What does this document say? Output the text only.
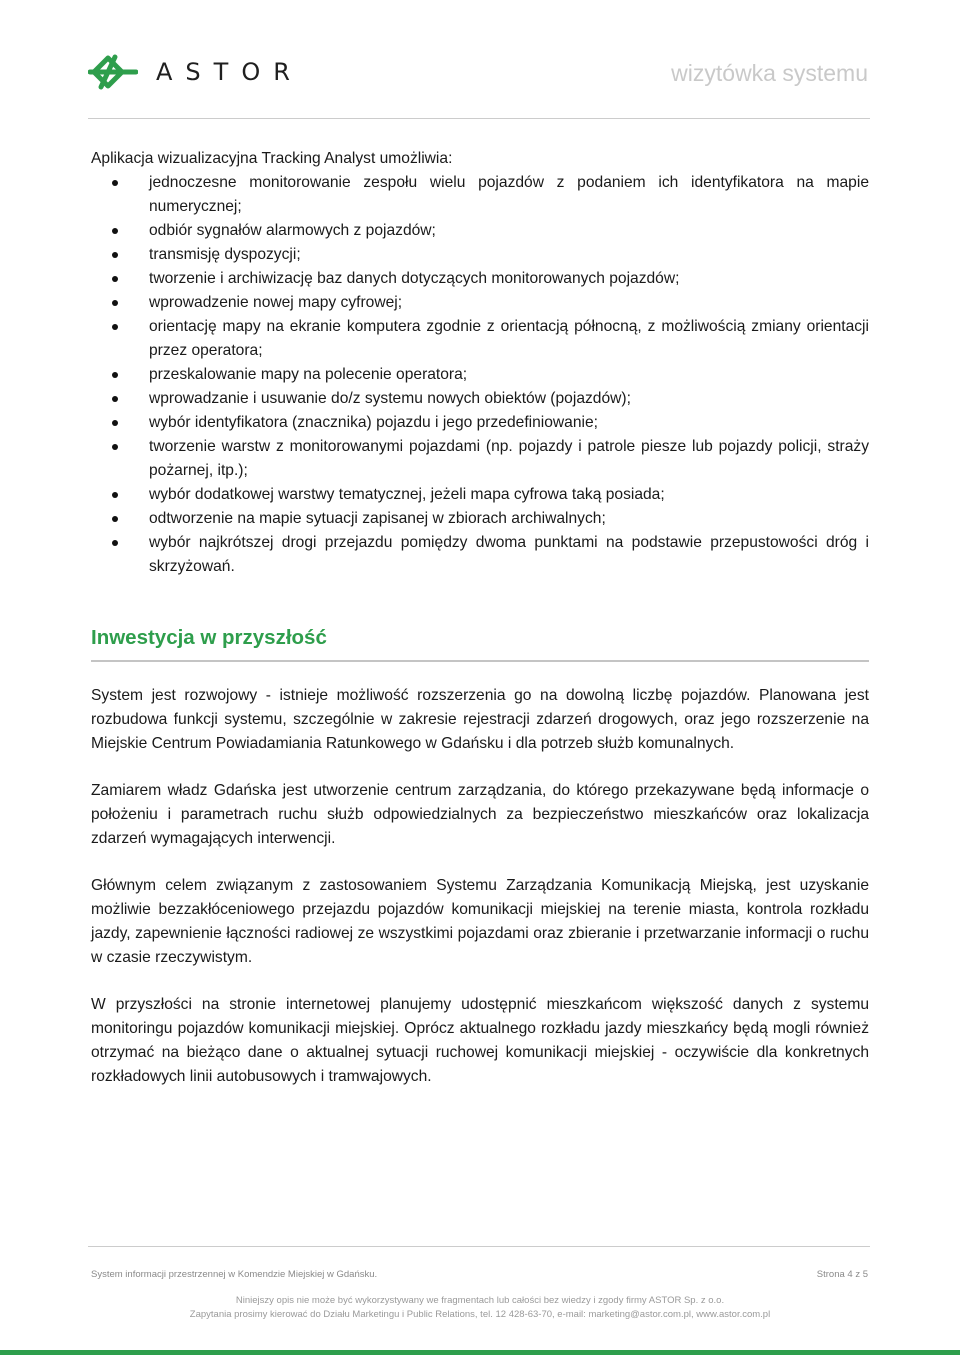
ASTOR	wizytówka systemu

Aplikacja wizualizacyjna Tracking Analyst umożliwia:

jednoczesne monitorowanie zespołu wielu pojazdów z podaniem ich identyfikatora na mapie numerycznej;
odbiór sygnałów alarmowych z pojazdów;
transmisję dyspozycji;
tworzenie i archiwizację baz danych dotyczących monitorowanych pojazdów;
wprowadzenie nowej mapy cyfrowej;
orientację mapy na ekranie komputera zgodnie z orientacją północną, z możliwością zmiany orientacji przez operatora;
przeskalowanie mapy na polecenie operatora;
wprowadzanie i usuwanie do/z systemu nowych obiektów (pojazdów);
wybór identyfikatora (znacznika) pojazdu i jego przedefiniowanie;
tworzenie warstw z monitorowanymi pojazdami (np. pojazdy i patrole piesze lub pojazdy policji, straży pożarnej, itp.);
wybór dodatkowej warstwy tematycznej, jeżeli mapa cyfrowa taką posiada;
odtworzenie na mapie sytuacji zapisanej w zbiorach archiwalnych;
wybór najkrótszej drogi przejazdu pomiędzy dwoma punktami na podstawie przepustowości dróg i skrzyżowań.
Inwestycja w przyszłość

System jest rozwojowy - istnieje możliwość rozszerzenia go na dowolną liczbę pojazdów. Planowana jest rozbudowa funkcji systemu, szczególnie w zakresie rejestracji zdarzeń drogowych, oraz jego rozszerzenie na Miejskie Centrum Powiadamiania Ratunkowego w Gdańsku i dla potrzeb służb komunalnych.

Zamiarem władz Gdańska jest utworzenie centrum zarządzania, do którego przekazywane będą informacje o położeniu i parametrach ruchu służb odpowiedzialnych za bezpieczeństwo mieszkańców oraz lokalizacja zdarzeń wymagających interwencji.

Głównym celem związanym z zastosowaniem Systemu Zarządzania Komunikacją Miejską, jest uzyskanie możliwie bezzakłóceniowego przejazdu pojazdów komunikacji miejskiej na terenie miasta, kontrola rozkładu jazdy, zapewnienie łączności radiowej ze wszystkimi pojazdami oraz zbieranie i przetwarzanie informacji o ruchu w czasie rzeczywistym.

W przyszłości na stronie internetowej planujemy udostępnić mieszkańcom większość danych z systemu monitoringu pojazdów komunikacji miejskiej. Oprócz aktualnego rozkładu jazdy mieszkańcy będą mogli również otrzymać na bieżąco dane o aktualnej sytuacji ruchowej komunikacji miejskiej - oczywiście dla konkretnych rozkładowych linii autobusowych i tramwajowych.

System informacji przestrzennej w Komendzie Miejskiej w Gdańsku.	Strona 4 z 5
Niniejszy opis nie może być wykorzystywany we fragmentach lub całości bez wiedzy i zgody firmy ASTOR Sp. z o.o.
Zapytania prosimy kierować do Działu Marketingu i Public Relations, tel. 12 428-63-70, e-mail: marketing@astor.com.pl, www.astor.com.pl
